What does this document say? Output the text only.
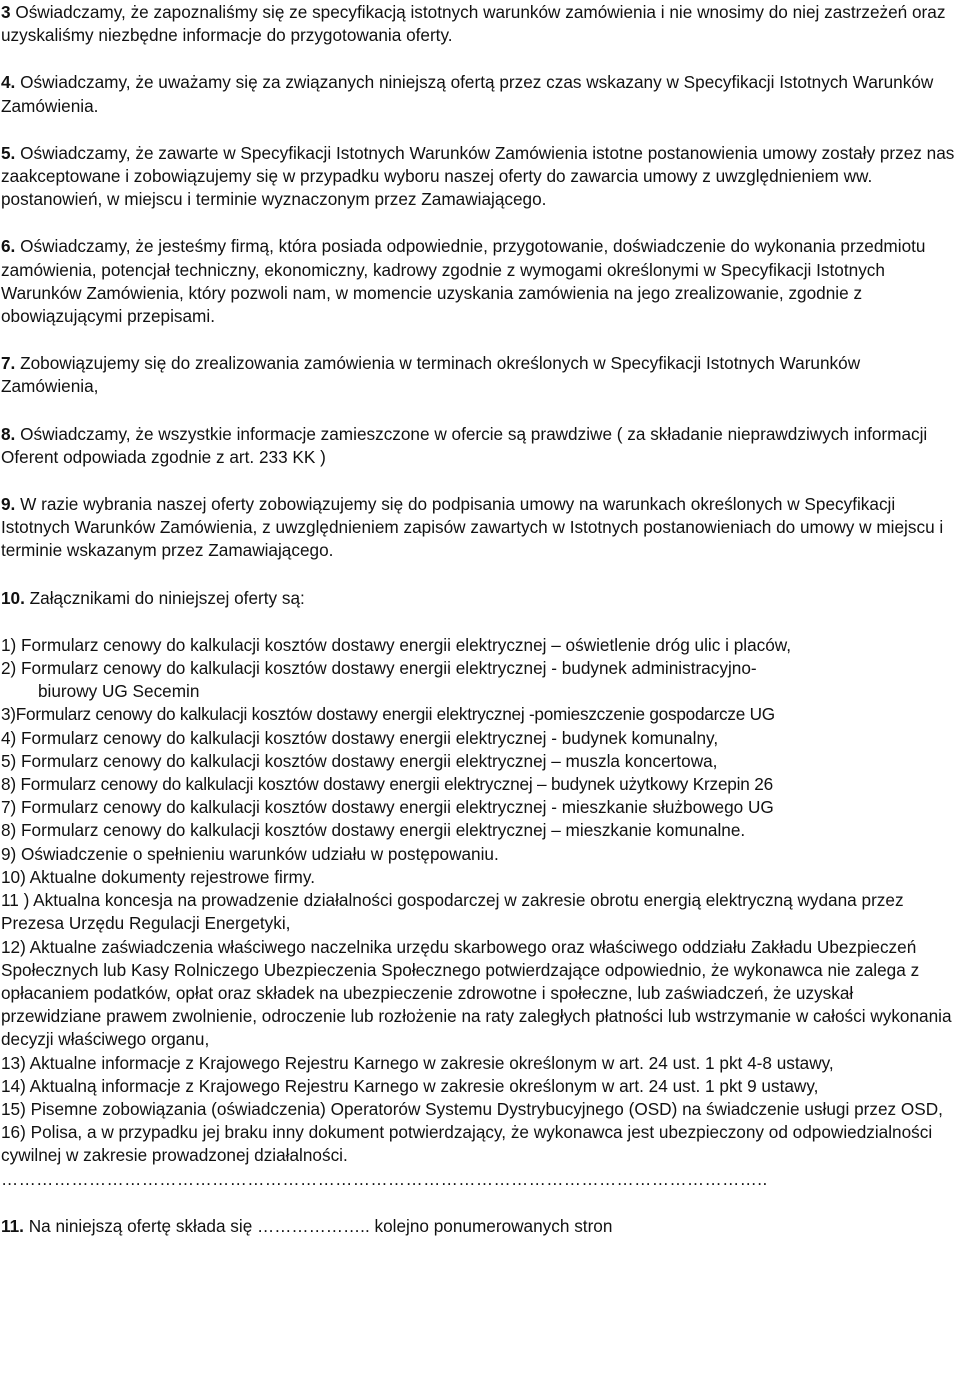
3 Oświadczamy, że zapoznaliśmy się ze specyfikacją istotnych warunków zamówienia i nie wnosimy do niej zastrzeżeń oraz uzyskaliśmy niezbędne informacje do przygotowania oferty.

4. Oświadczamy, że uważamy się za związanych niniejszą ofertą przez czas wskazany w Specyfikacji Istotnych Warunków Zamówienia.

5. Oświadczamy, że zawarte w Specyfikacji Istotnych Warunków Zamówienia istotne postanowienia umowy zostały przez nas zaakceptowane i zobowiązujemy się w przypadku wyboru naszej oferty do zawarcia umowy z uwzględnieniem ww. postanowień, w miejscu i terminie wyznaczonym przez Zamawiającego.

6. Oświadczamy, że jesteśmy firmą, która posiada odpowiednie, przygotowanie, doświadczenie do wykonania przedmiotu zamówienia, potencjał techniczny, ekonomiczny, kadrowy zgodnie z wymogami określonymi w Specyfikacji Istotnych Warunków Zamówienia, który pozwoli nam, w momencie uzyskania zamówienia na jego zrealizowanie, zgodnie z obowiązującymi przepisami.

7. Zobowiązujemy się do zrealizowania zamówienia w terminach określonych w Specyfikacji Istotnych Warunków Zamówienia,

8. Oświadczamy, że wszystkie informacje zamieszczone w ofercie są prawdziwe ( za składanie nieprawdziwych informacji Oferent odpowiada zgodnie z art. 233 KK )

9. W razie wybrania naszej oferty zobowiązujemy się do podpisania umowy na warunkach określonych w Specyfikacji Istotnych Warunków Zamówienia, z uwzględnieniem zapisów zawartych w Istotnych postanowieniach do umowy w miejscu i terminie wskazanym przez Zamawiającego.

10. Załącznikami do niniejszej oferty są:

1) Formularz cenowy do kalkulacji kosztów dostawy energii elektrycznej – oświetlenie dróg ulic i placów,

2) Formularz cenowy do kalkulacji kosztów dostawy energii elektrycznej - budynek administracyjno-

biurowy UG Secemin

3)Formularz cenowy do kalkulacji kosztów dostawy energii elektrycznej -pomieszczenie gospodarcze UG

4) Formularz cenowy do kalkulacji kosztów dostawy energii elektrycznej - budynek komunalny,

5) Formularz cenowy do kalkulacji kosztów dostawy energii elektrycznej – muszla koncertowa,

8) Formularz cenowy do kalkulacji kosztów dostawy energii elektrycznej – budynek użytkowy Krzepin 26

7) Formularz cenowy do kalkulacji kosztów dostawy energii elektrycznej - mieszkanie służbowego UG

8) Formularz cenowy do kalkulacji kosztów dostawy energii elektrycznej – mieszkanie komunalne.

9) Oświadczenie o spełnieniu warunków udziału w postępowaniu.

10) Aktualne dokumenty rejestrowe firmy.

11 ) Aktualna koncesja na prowadzenie działalności gospodarczej w zakresie obrotu energią elektryczną wydana przez Prezesa Urzędu Regulacji Energetyki,

12) Aktualne zaświadczenia właściwego naczelnika urzędu skarbowego oraz właściwego oddziału Zakładu Ubezpieczeń Społecznych lub Kasy Rolniczego Ubezpieczenia Społecznego potwierdzające odpowiednio, że wykonawca nie zalega z opłacaniem podatków, opłat oraz składek na ubezpieczenie zdrowotne i społeczne, lub zaświadczeń, że uzyskał przewidziane prawem zwolnienie, odroczenie lub rozłożenie na raty zaległych płatności lub wstrzymanie w całości wykonania decyzji właściwego organu,

13) Aktualne informacje z Krajowego Rejestru Karnego w zakresie określonym w art. 24 ust. 1 pkt 4-8 ustawy,

14) Aktualną informacje z Krajowego Rejestru Karnego w zakresie określonym w art. 24 ust. 1 pkt 9 ustawy,

15) Pisemne zobowiązania (oświadczenia) Operatorów Systemu Dystrybucyjnego (OSD) na świadczenie usługi przez OSD,

16) Polisa, a w przypadku jej braku inny dokument potwierdzający, że wykonawca jest ubezpieczony od odpowiedzialności cywilnej w zakresie prowadzonej działalności.

…………………………………………………………………………………………………………………..

11. Na niniejszą ofertę składa się ……………….. kolejno ponumerowanych stron
